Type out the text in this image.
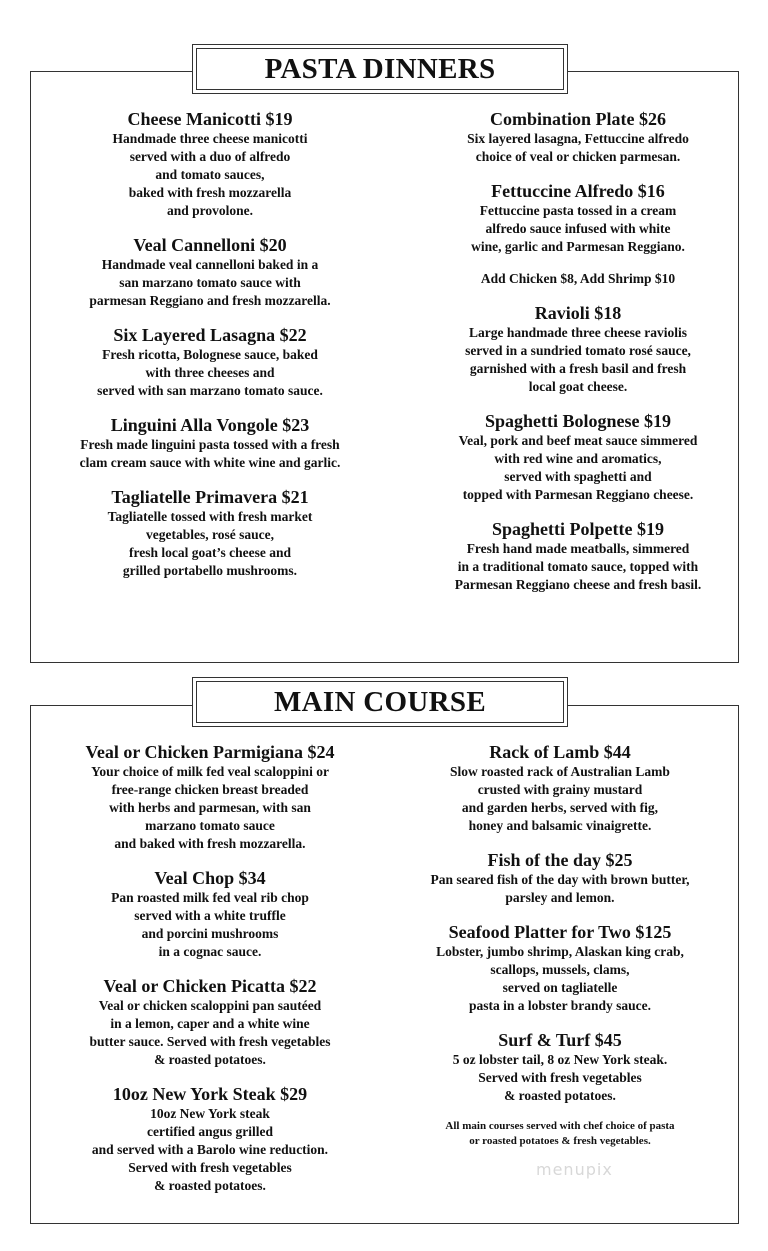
PASTA DINNERS
Cheese Manicotti $19
Handmade three cheese manicotti
served with a duo of alfredo
and tomato sauces,
baked with fresh mozzarella
and provolone.
Veal Cannelloni $20
Handmade veal cannelloni baked in a
san marzano tomato sauce with
parmesan Reggiano and fresh mozzarella.
Six Layered Lasagna $22
Fresh ricotta, Bolognese sauce, baked
with three cheeses and
served with san marzano tomato sauce.
Linguini Alla Vongole $23
Fresh made linguini pasta tossed with a fresh
clam cream sauce with white wine and garlic.
Tagliatelle Primavera $21
Tagliatelle tossed with fresh market
vegetables, rosé sauce,
fresh local goat’s cheese and
grilled portabello mushrooms.
Combination Plate $26
Six layered lasagna, Fettuccine alfredo
choice of veal or chicken parmesan.
Fettuccine Alfredo $16
Fettuccine pasta tossed in a cream
alfredo sauce infused with white
wine, garlic and Parmesan Reggiano.
Add Chicken $8, Add Shrimp $10
Ravioli $18
Large handmade three cheese raviolis
served in a sundried tomato rosé sauce,
garnished with a fresh basil and fresh
local goat cheese.
Spaghetti Bolognese $19
Veal, pork and beef meat sauce simmered
with red wine and aromatics,
served with spaghetti and
topped with Parmesan Reggiano cheese.
Spaghetti Polpette $19
Fresh hand made meatballs, simmered
in a traditional tomato sauce, topped with
Parmesan Reggiano cheese and fresh basil.
MAIN COURSE
Veal or Chicken Parmigiana $24
Your choice of milk fed veal scaloppini or
free-range chicken breast breaded
with herbs and parmesan, with san
marzano tomato sauce
and baked with fresh mozzarella.
Veal Chop $34
Pan roasted milk fed veal rib chop
served with a white truffle
and porcini mushrooms
in a cognac sauce.
Veal or Chicken Picatta $22
Veal or chicken scaloppini pan sautéed
in a lemon, caper and a white wine
butter sauce. Served with fresh vegetables
& roasted potatoes.
10oz New York Steak $29
10oz New York steak
certified angus grilled
and served with a Barolo wine reduction.
Served with fresh vegetables
& roasted potatoes.
Rack of Lamb $44
Slow roasted rack of Australian Lamb
crusted with grainy mustard
and garden herbs, served with fig,
honey and balsamic vinaigrette.
Fish of the day $25
Pan seared fish of the day with brown butter,
parsley and lemon.
Seafood Platter for Two $125
Lobster, jumbo shrimp, Alaskan king crab,
scallops, mussels, clams,
served on tagliatelle
pasta in a lobster brandy sauce.
Surf & Turf $45
5 oz lobster tail, 8 oz New York steak.
Served with fresh vegetables
& roasted potatoes.
All main courses served with chef choice of pasta
or roasted potatoes & fresh vegetables.
menupix
